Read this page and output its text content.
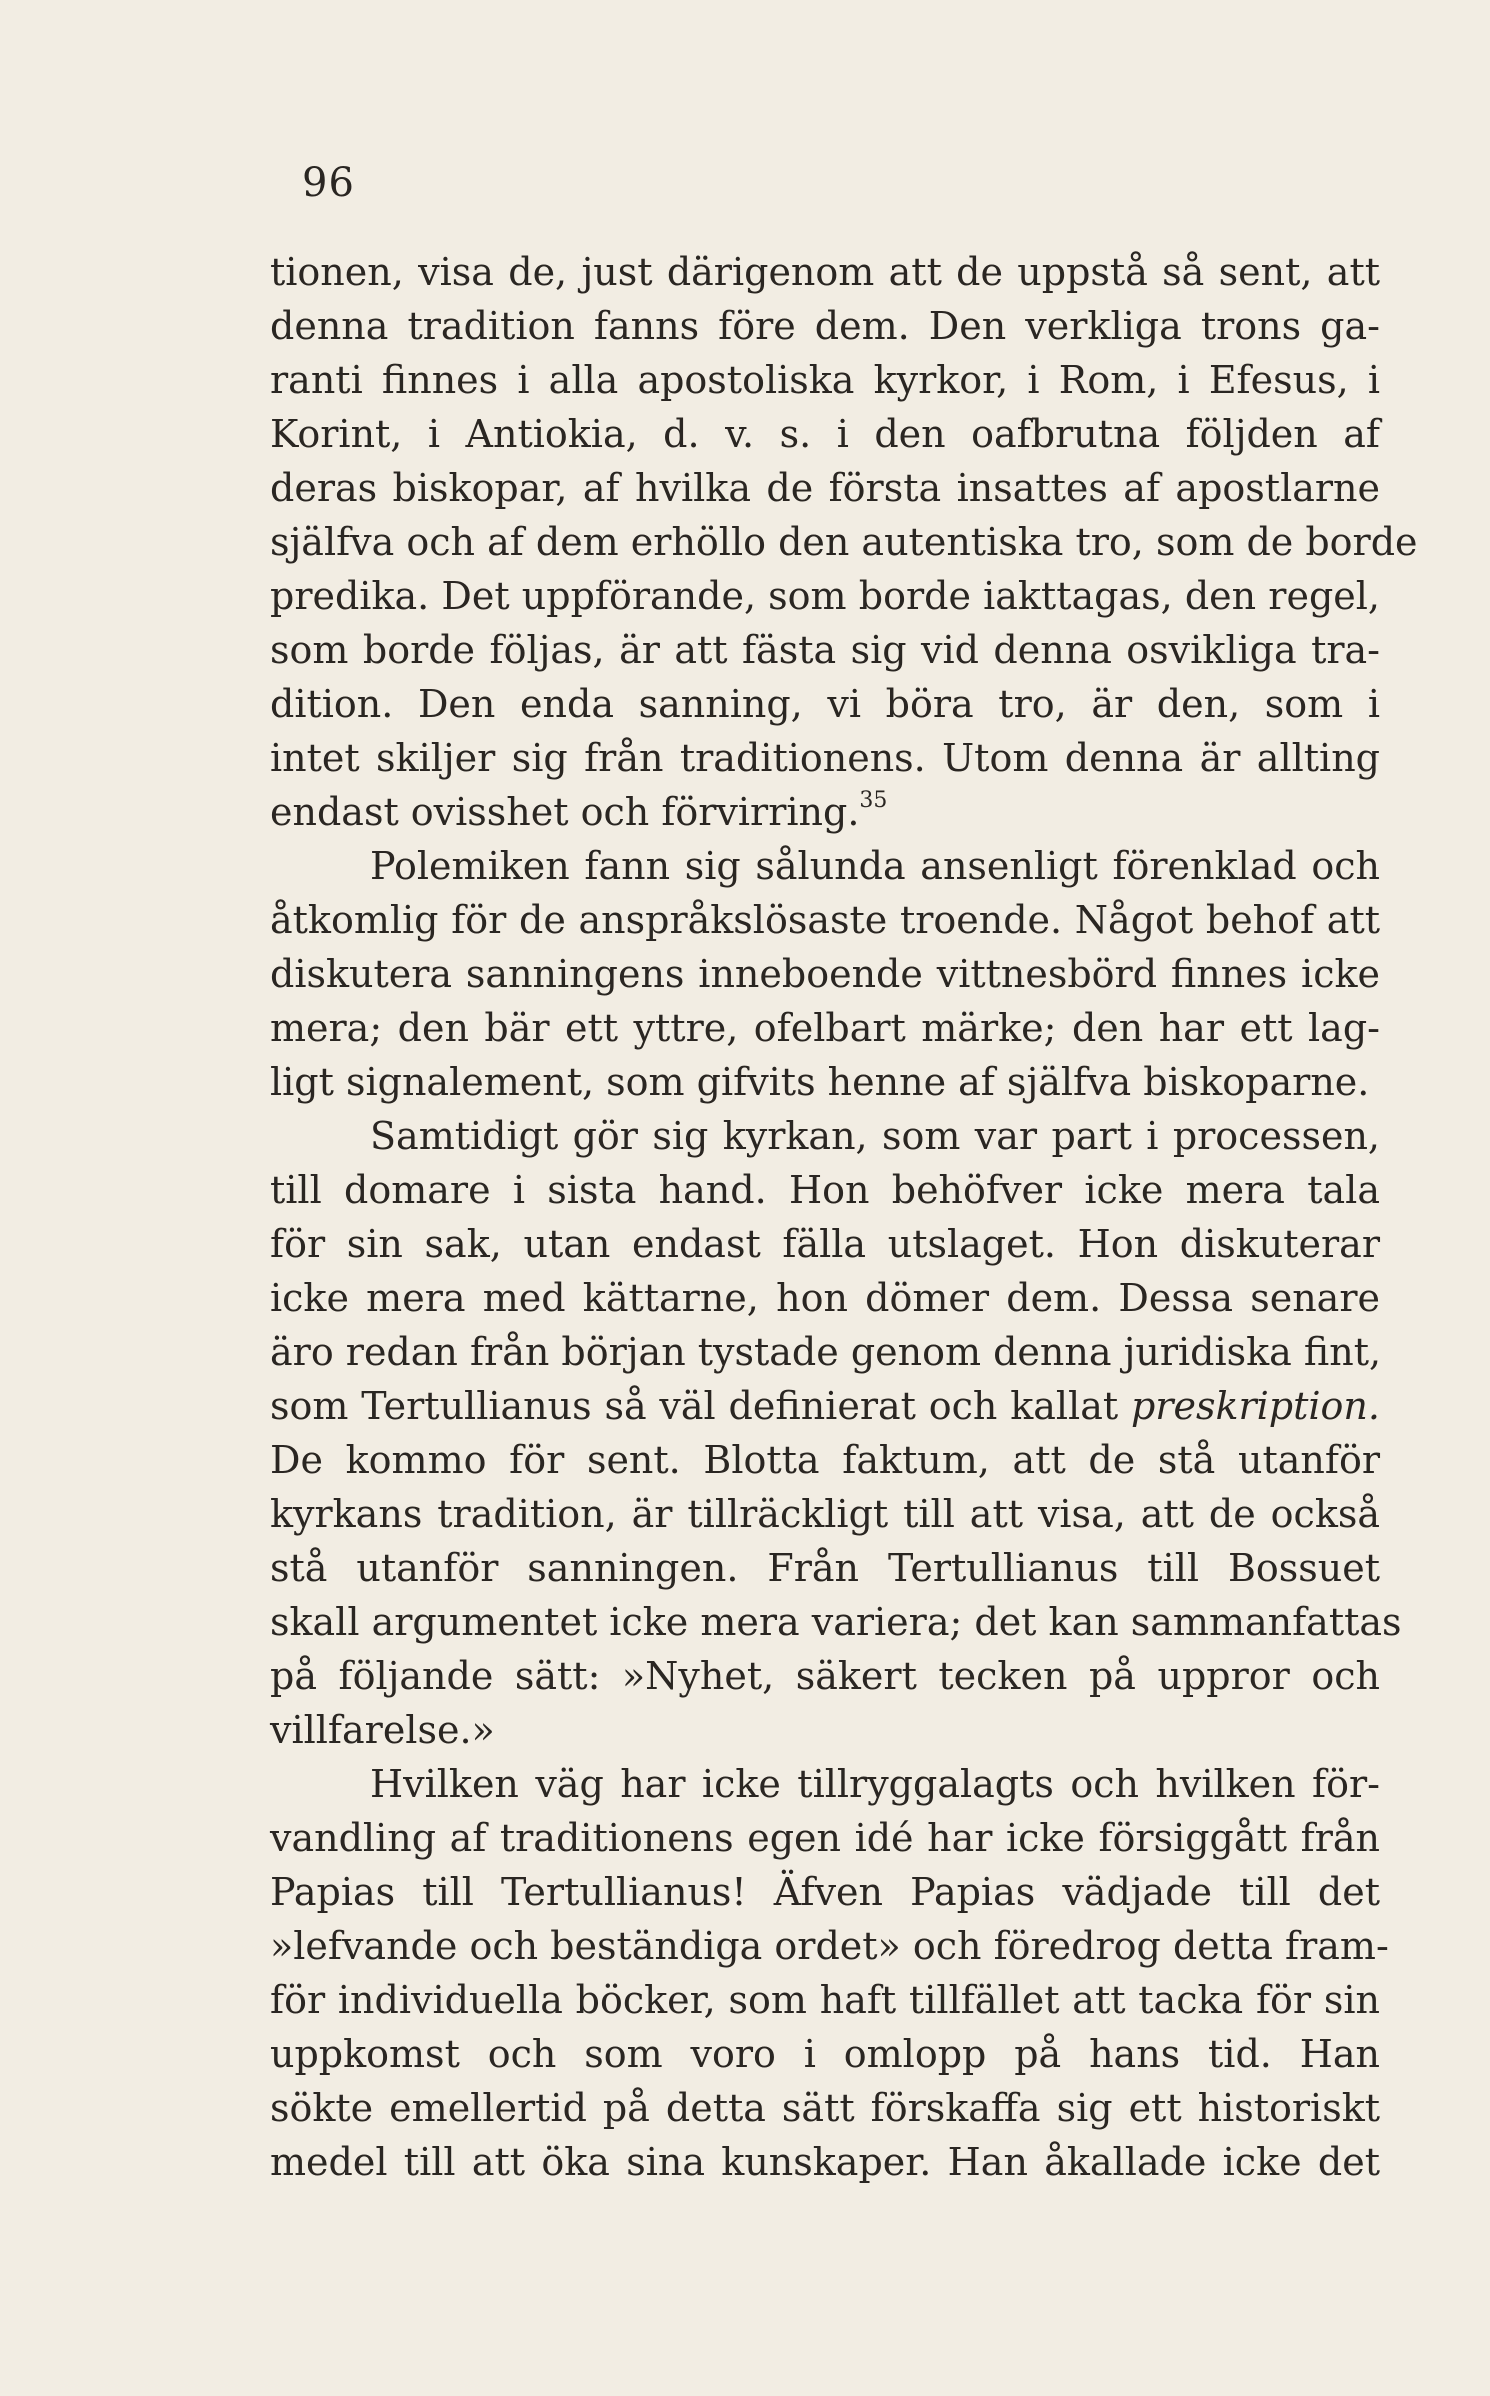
96
tionen, visa de, just därigenom att de uppstå så sent, att
denna tradition fanns före dem. Den verkliga trons ga-
ranti finnes i alla apostoliska kyrkor, i Rom, i Efesus, i
Korint, i Antiokia, d. v. s. i den oafbrutna följden af
deras biskopar, af hvilka de första insattes af apostlarne
själfva och af dem erhöllo den autentiska tro, som de borde
predika. Det uppförande, som borde iakttagas, den regel,
som borde följas, är att fästa sig vid denna osvikliga tra-
dition. Den enda sanning, vi böra tro, är den, som i
intet skiljer sig från traditionens. Utom denna är allting
endast ovisshet och förvirring.$^{35}$
Polemiken fann sig sålunda ansenligt förenklad och
åtkomlig för de anspråkslösaste troende. Något behof att
diskutera sanningens inneboende vittnesbörd finnes icke
mera; den bär ett yttre, ofelbart märke; den har ett lag-
ligt signalement, som gifvits henne af själfva biskoparne.
Samtidigt gör sig kyrkan, som var part i processen,
till domare i sista hand. Hon behöfver icke mera tala
för sin sak, utan endast fälla utslaget. Hon diskuterar
icke mera med kättarne, hon dömer dem. Dessa senare
äro redan från början tystade genom denna juridiska fint,
som Tertullianus så väl definierat och kallat preskription.
De kommo för sent. Blotta faktum, att de stå utanför
kyrkans tradition, är tillräckligt till att visa, att de också
stå utanför sanningen. Från Tertullianus till Bossuet
skall argumentet icke mera variera; det kan sammanfattas
på följande sätt: »Nyhet, säkert tecken på uppror och
villfarelse.»
Hvilken väg har icke tillryggalagts och hvilken för-
vandling af traditionens egen idé har icke försiggått från
Papias till Tertullianus! Äfven Papias vädjade till det
»lefvande och beständiga ordet» och föredrog detta fram-
för individuella böcker, som haft tillfället att tacka för sin
uppkomst och som voro i omlopp på hans tid. Han
sökte emellertid på detta sätt förskaffa sig ett historiskt
medel till att öka sina kunskaper. Han åkallade icke det
